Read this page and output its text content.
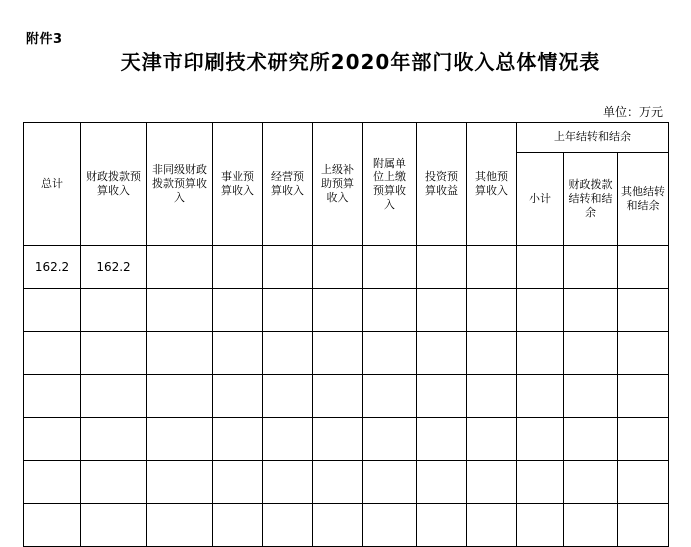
附件3
天津市印刷技术研究所2020年部门收入总体情况表
单位：万元
总计	财政拨款预算收入	非同级财政拨款预算收入	事业预算收入	经营预算收入	上级补助预算收入	附属单位上缴预算收入	投资预算收益	其他预算收入	上年结转和结余		
									小计	财政拨款结转和结余	其他结转和结余
162.2	162.2										
